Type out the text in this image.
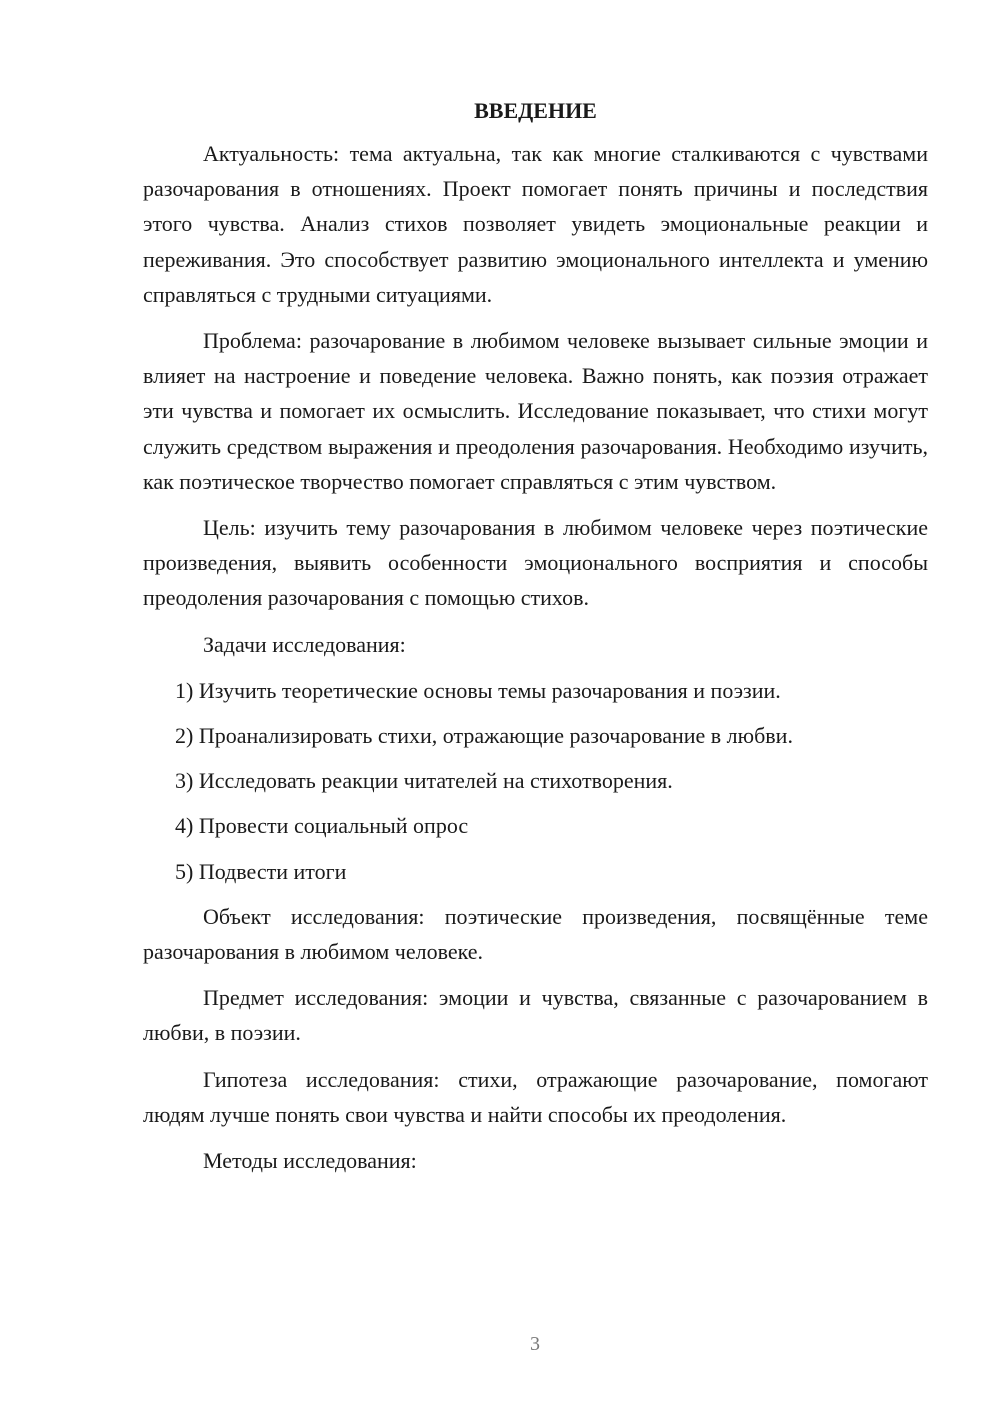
ВВЕДЕНИЕ

Актуальность: тема актуальна, так как многие сталкиваются с чувствами разочарования в отношениях. Проект помогает понять причины и последствия этого чувства. Анализ стихов позволяет увидеть эмоциональные реакции и переживания. Это способствует развитию эмоционального интеллекта и умению справляться с трудными ситуациями.

Проблема: разочарование в любимом человеке вызывает сильные эмоции и влияет на настроение и поведение человека. Важно понять, как поэзия отражает эти чувства и помогает их осмыслить. Исследование показывает, что стихи могут служить средством выражения и преодоления разочарования. Необходимо изучить, как поэтическое творчество помогает справляться с этим чувством.

Цель: изучить тему разочарования в любимом человеке через поэтические произведения, выявить особенности эмоционального восприятия и способы преодоления разочарования с помощью стихов.

Задачи исследования:

1) Изучить теоретические основы темы разочарования и поэзии.
2) Проанализировать стихи, отражающие разочарование в любви.
3) Исследовать реакции читателей на стихотворения.
4) Провести социальный опрос
5) Подвести итоги

Объект исследования: поэтические произведения, посвящённые теме разочарования в любимом человеке.

Предмет исследования: эмоции и чувства, связанные с разочарованием в любви, в поэзии.

Гипотеза исследования: стихи, отражающие разочарование, помогают людям лучше понять свои чувства и найти способы их преодоления.

Методы исследования:

3
